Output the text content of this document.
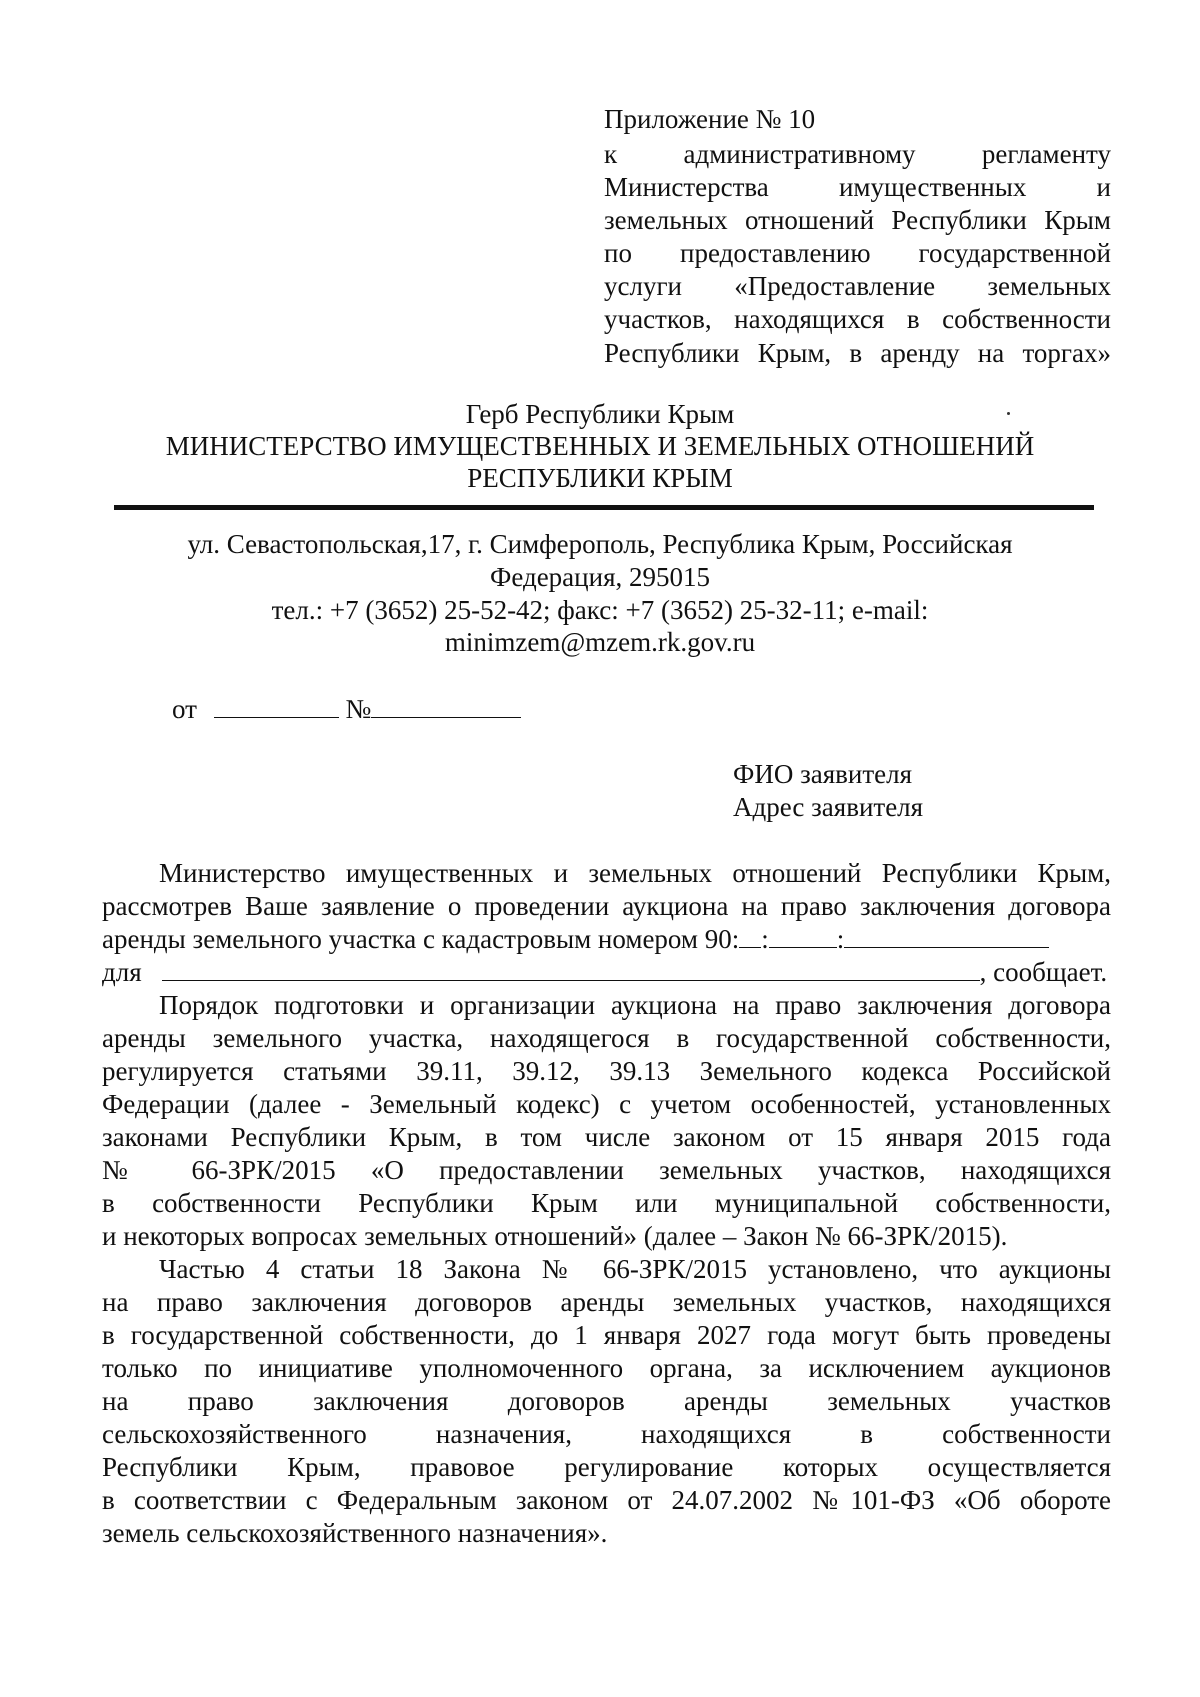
Приложение № 10

к административному регламенту

Министерства имущественных и

земельных отношений Республики Крым

по предоставлению государственной

услуги «Предоставление земельных

участков, находящихся в собственности

Республики Крым, в аренду на торгах»

Герб Республики Крым

МИНИСТЕРСТВО ИМУЩЕСТВЕННЫХ И ЗЕМЕЛЬНЫХ ОТНОШЕНИЙ

РЕСПУБЛИКИ КРЫМ

ул. Севастопольская,17, г. Симферополь, Республика Крым, Российская

Федерация, 295015

тел.: +7 (3652) 25-52-42; факс: +7 (3652) 25-32-11; e-mail:

minimzem@mzem.rk.gov.ru

от	№

ФИО заявителя

Адрес заявителя

Министерство имущественных и земельных отношений Республики Крым,

рассмотрев Ваше заявление о проведении аукциона на право заключения договора

аренды земельного участка с кадастровым номером 90: :	:

для	, сообщает.

Порядок подготовки и организации аукциона на право заключения договора

аренды земельного участка, находящегося в государственной собственности,

регулируется статьями 39.11, 39.12, 39.13 Земельного кодекса Российской

Федерации (далее - Земельный кодекс) с учетом особенностей, установленных

законами Республики Крым, в том числе законом от 15 января 2015 года

№ 66-ЗРК/2015 «О предоставлении земельных участков, находящихся

в собственности Республики Крым или муниципальной собственности,

и некоторых вопросах земельных отношений» (далее – Закон № 66-ЗРК/2015).

Частью 4 статьи 18 Закона № 66-ЗРК/2015 установлено, что аукционы

на право заключения договоров аренды земельных участков, находящихся

в государственной собственности, до 1 января 2027 года могут быть проведены

только по инициативе уполномоченного органа, за исключением аукционов

на право заключения договоров аренды земельных участков

сельскохозяйственного назначения, находящихся в собственности

Республики Крым, правовое регулирование которых осуществляется

в соответствии с Федеральным законом от 24.07.2002 №101-ФЗ «Об обороте

земель сельскохозяйственного назначения».
